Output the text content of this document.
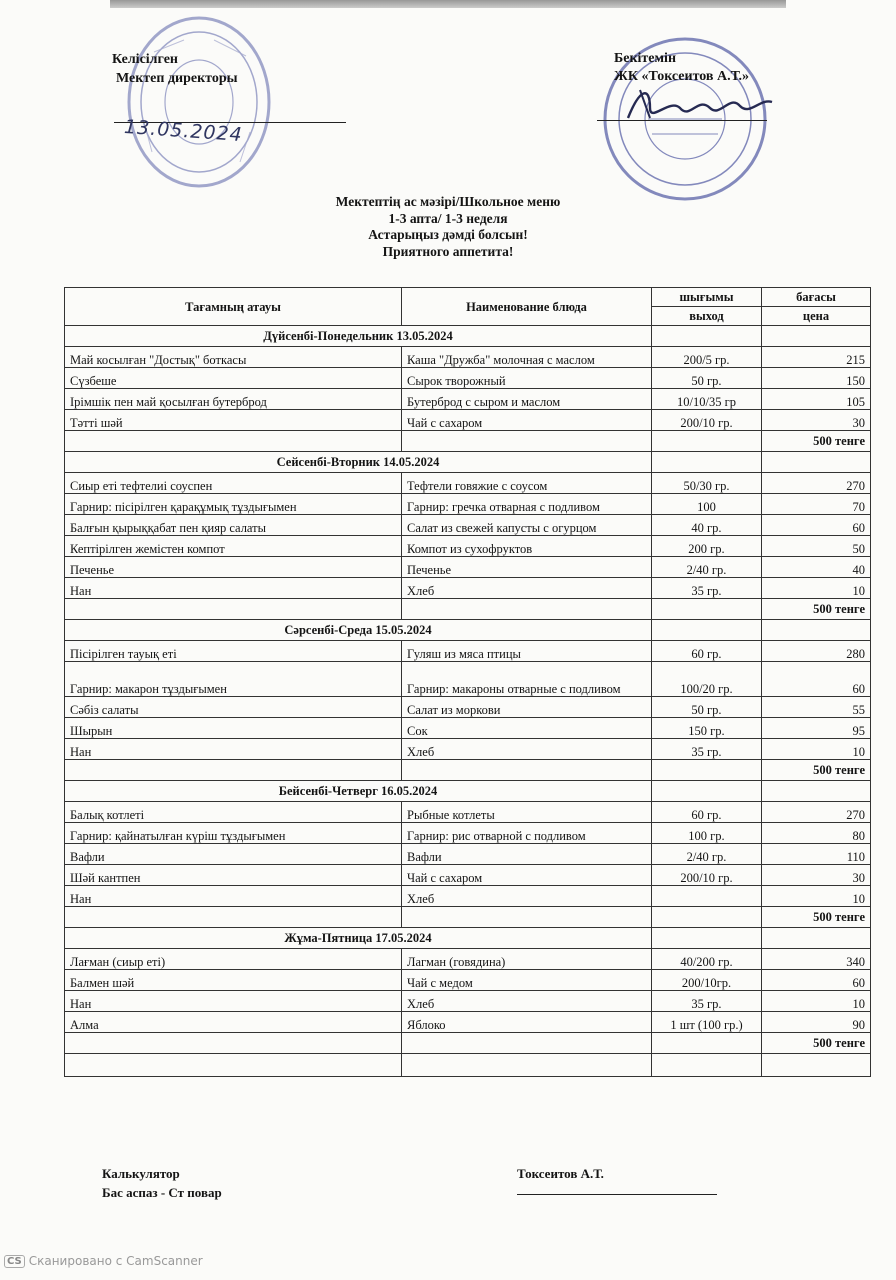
Келісілген
Мектеп директоры
13.05.2024
Бекітемін
ЖК «Токсеитов А.Т.»
Мектептің ас мәзірі/Школьное меню
1-3 апта/ 1-3 неделя
Астарыңыз дәмді болсын!
Приятного аппетита!
Тағамның атауы	Наименование блюда	шығымы	бағасы
		выход	цена
Дүйсенбі-Понедельник 13.05.2024			
Май косылған "Достық" боткасы	Каша "Дружба" молочная с маслом	200/5 гр.	215
Сүзбеше	Сырок творожный	50 гр.	150
Ірімшік пен май қосылған бутерброд	Бутерброд с сыром и маслом	10/10/35 гр	105
Тәтті шәй	Чай с сахаром	200/10 гр.	30
			500 тенге
Сейсенбі-Вторник 14.05.2024			
Сиыр еті тефтелиі соуспен	Тефтели говяжие с соусом	50/30 гр.	270
Гарнир: пісірілген қарақұмық тұздығымен	Гарнир: гречка отварная с подливом	100	70
Балғын қырыққабат пен қияр салаты	Салат из свежей капусты с огурцом	40 гр.	60
Кептірілген жемістен компот	Компот из сухофруктов	200 гр.	50
Печенье	Печенье	2/40 гр.	40
Нан	Хлеб	35 гр.	10
			500 тенге
Сәрсенбі-Среда 15.05.2024			
Пісірілген тауық еті	Гуляш из мяса птицы	60 гр.	280
Гарнир: макарон тұздығымен	Гарнир: макароны отварные с подливом	100/20 гр.	60
Сәбіз салаты	Салат из моркови	50 гр.	55
Шырын	Сок	150 гр.	95
Нан	Хлеб	35 гр.	10
			500 тенге
Бейсенбі-Четверг 16.05.2024			
Балық котлеті	Рыбные котлеты	60 гр.	270
Гарнир: қайнатылған күріш тұздығымен	Гарнир: рис отварной с подливом	100 гр.	80
Вафли	Вафли	2/40 гр.	110
Шәй кантпен	Чай с сахаром	200/10 гр.	30
Нан	Хлеб		10
			500 тенге
Жұма-Пятница 17.05.2024			
Лағман (сиыр еті)	Лагман (говядина)	40/200 гр.	340
Балмен шәй	Чай с медом	200/10гр.	60
Нан	Хлеб	35 гр.	10
Алма	Яблоко	1 шт (100 гр.)	90
			500 тенге

Калькулятор
Бас аспаз - Ст повар
Токсеитов А.Т.
CS Сканировано с CamScanner
